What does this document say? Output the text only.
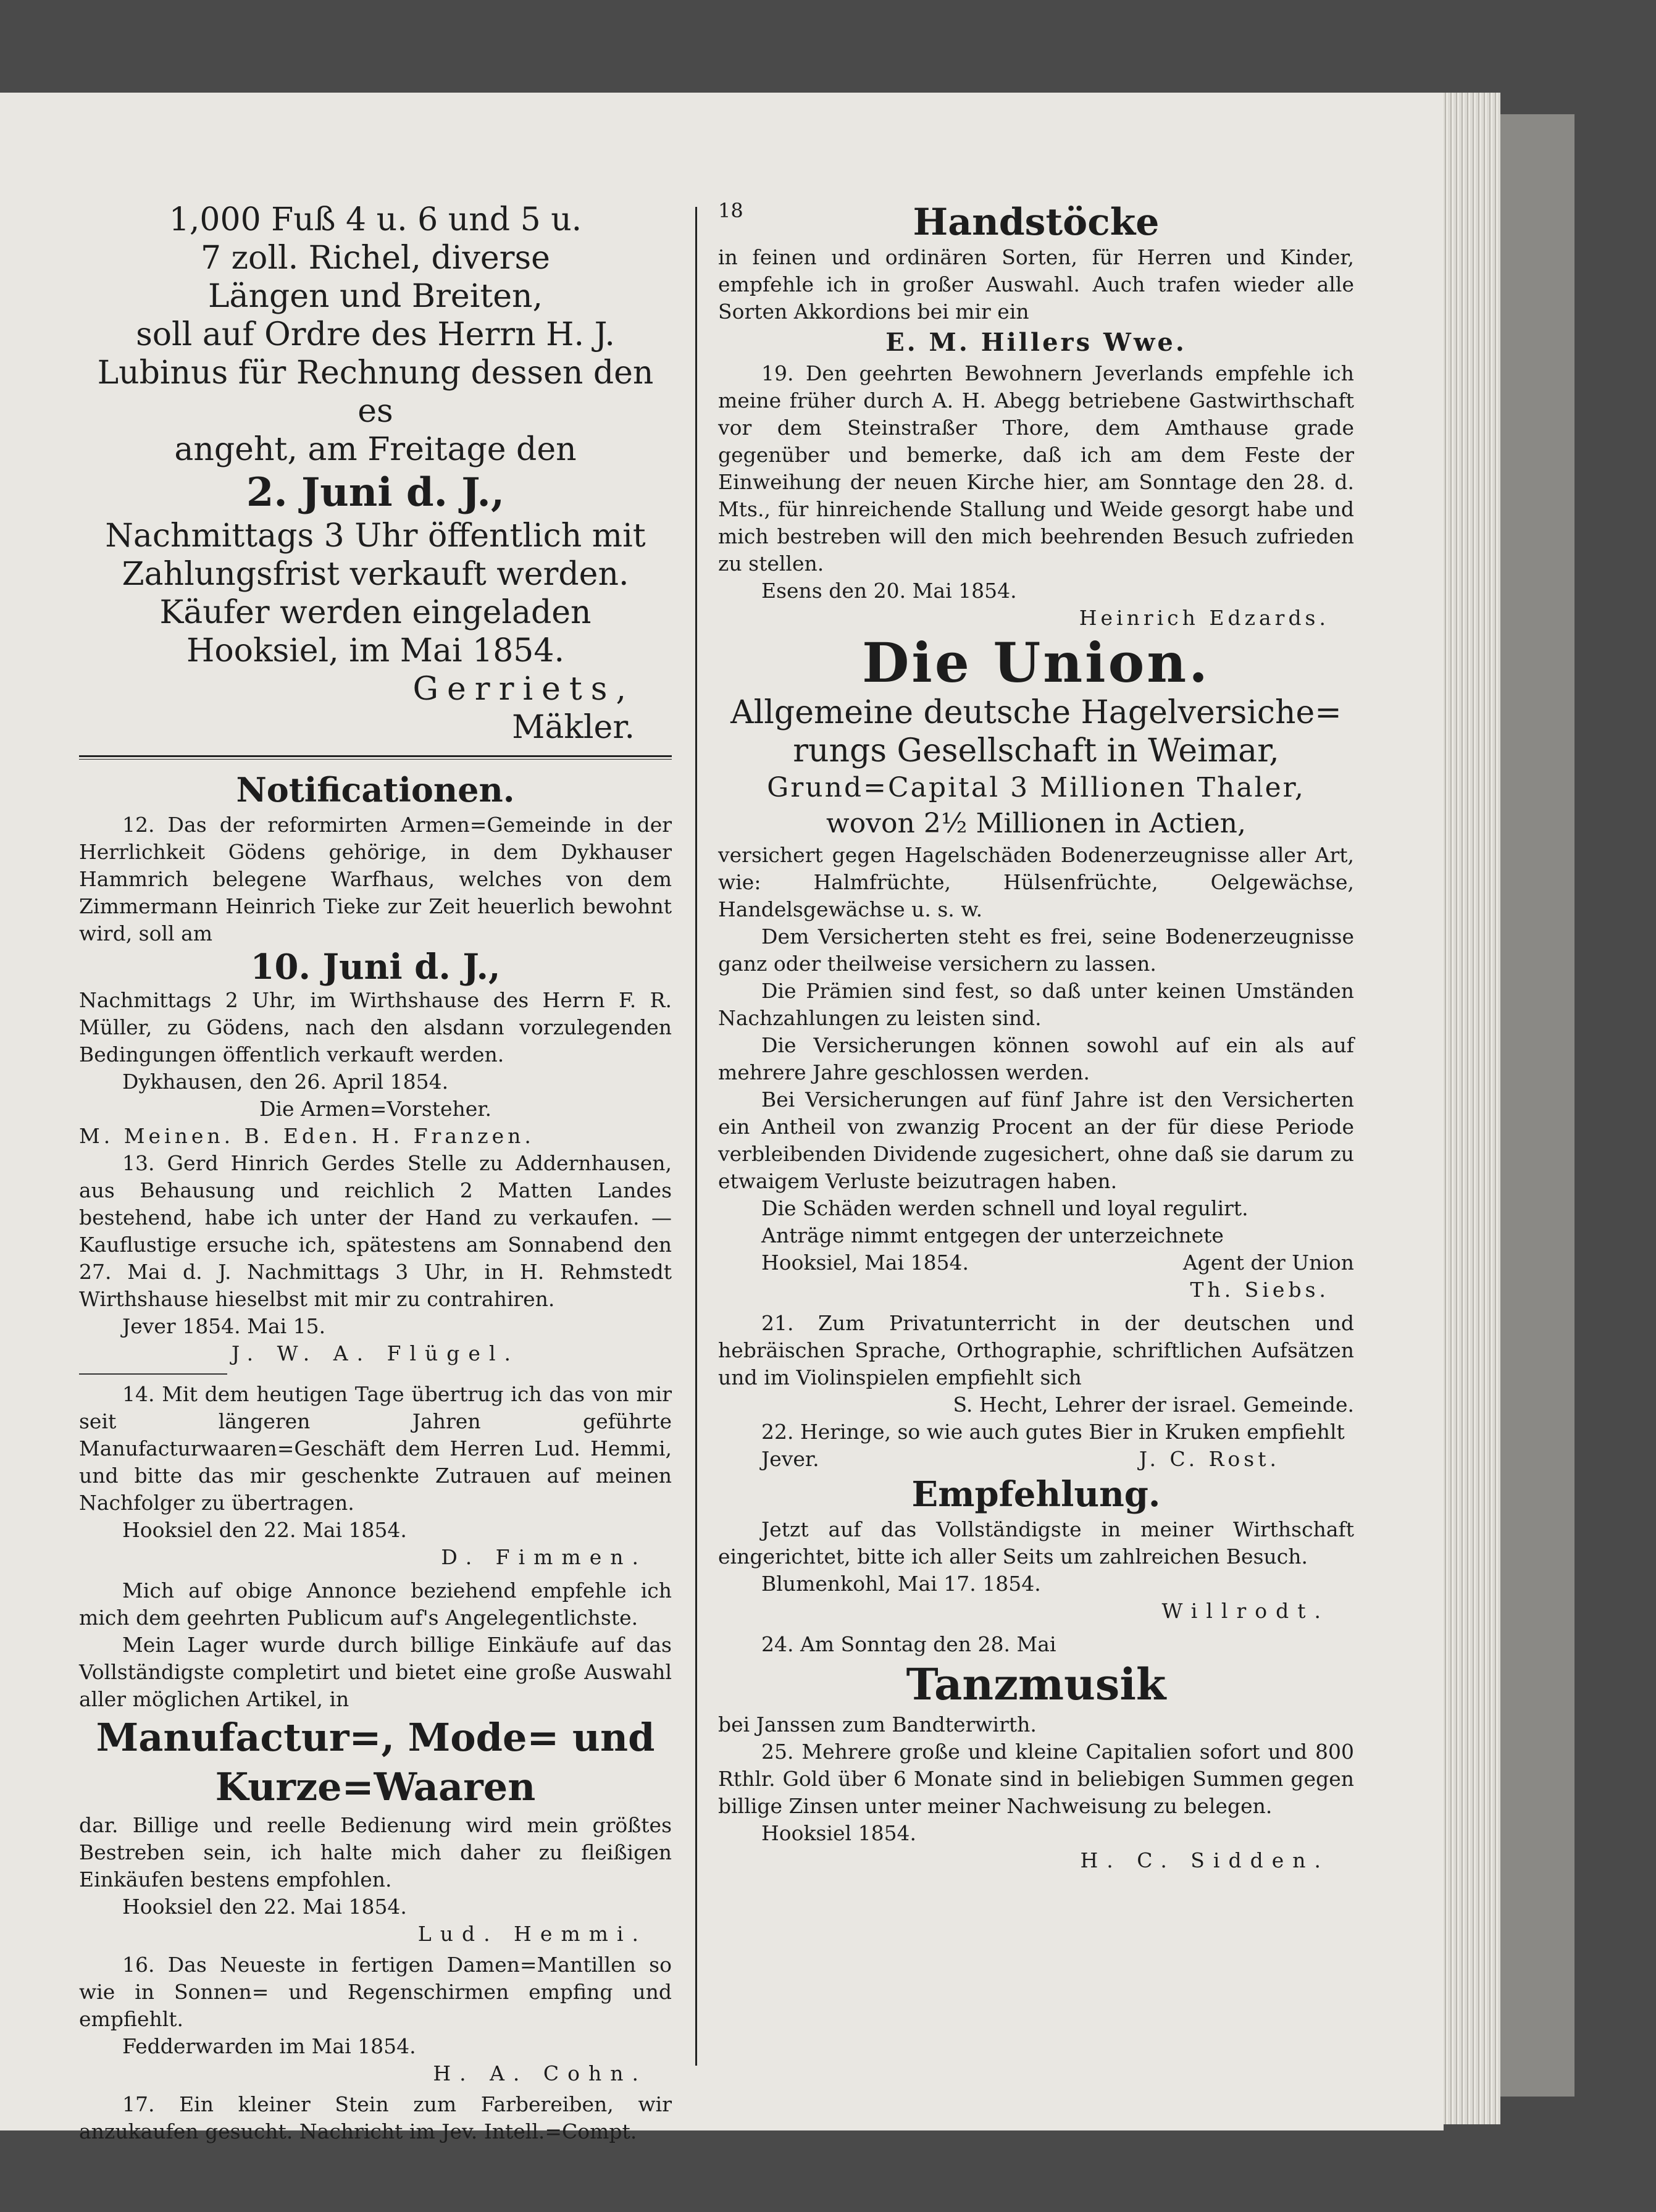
18

1,000 Fuß 4 u. 6 und 5 u.

7 zoll. Richel, diverse

Längen und Breiten,

soll auf Ordre des Herrn H. J.

Lubinus für Rechnung dessen den es

angeht, am Freitage den

2. Juni d. J.,

Nachmittags 3 Uhr öffentlich mit

Zahlungsfrist verkauft werden.

Käufer werden eingeladen

Hooksiel, im Mai 1854.

Gerriets,

Mäkler.

Notificationen.

12. Das der reformirten Armen=Gemeinde in der Herrlichkeit Gödens gehörige, in dem Dykhauser Hammrich belegene Warfhaus, welches von dem Zimmermann Heinrich Tieke zur Zeit heuerlich bewohnt wird, soll am

10. Juni d. J.,

Nachmittags 2 Uhr, im Wirthshause des Herrn F. R. Müller, zu Gödens, nach den alsdann vorzulegenden Bedingungen öffentlich verkauft werden.

Dykhausen, den 26. April 1854.

Die Armen=Vorsteher.

M. Meinen. B. Eden. H. Franzen.

13. Gerd Hinrich Gerdes Stelle zu Addernhausen, aus Behausung und reichlich 2 Matten Landes bestehend, habe ich unter der Hand zu verkaufen. — Kauflustige ersuche ich, spätestens am Sonnabend den 27. Mai d. J. Nachmittags 3 Uhr, in H. Rehmstedt Wirthshause hieselbst mit mir zu contrahiren.

Jever 1854. Mai 15.

J. W. A. Flügel.

14. Mit dem heutigen Tage übertrug ich das von mir seit längeren Jahren geführte Manufacturwaaren=Geschäft dem Herren Lud. Hemmi, und bitte das mir geschenkte Zutrauen auf meinen Nachfolger zu übertragen.

Hooksiel den 22. Mai 1854.

D. Fimmen.

Mich auf obige Annonce beziehend empfehle ich mich dem geehrten Publicum auf's Angelegentlichste.

Mein Lager wurde durch billige Einkäufe auf das Vollständigste completirt und bietet eine große Auswahl aller möglichen Artikel, in

Manufactur=, Mode= und

Kurze=Waaren

dar. Billige und reelle Bedienung wird mein größtes Bestreben sein, ich halte mich daher zu fleißigen Einkäufen bestens empfohlen.

Hooksiel den 22. Mai 1854.

Lud. Hemmi.

16. Das Neueste in fertigen Damen=Mantillen so wie in Sonnen= und Regenschirmen empfing und empfiehlt.

Fedderwarden im Mai 1854.

H. A. Cohn.

17. Ein kleiner Stein zum Farbereiben, wir anzukaufen gesucht. Nachricht im Jev. Intell.=Compt.

Handstöcke

in feinen und ordinären Sorten, für Herren und Kinder, empfehle ich in großer Auswahl. Auch trafen wieder alle Sorten Akkordions bei mir ein

E. M. Hillers Wwe.

19. Den geehrten Bewohnern Jeverlands empfehle ich meine früher durch A. H. Abegg betriebene Gastwirthschaft vor dem Steinstraßer Thore, dem Amthause grade gegenüber und bemerke, daß ich am dem Feste der Einweihung der neuen Kirche hier, am Sonntage den 28. d. Mts., für hinreichende Stallung und Weide gesorgt habe und mich bestreben will den mich beehrenden Besuch zufrieden zu stellen.

Esens den 20. Mai 1854.

Heinrich Edzards.

Die Union.

Allgemeine deutsche Hagelversiche=

rungs Gesellschaft in Weimar,

Grund=Capital 3 Millionen Thaler,

wovon 2½ Millionen in Actien,

versichert gegen Hagelschäden Bodenerzeugnisse aller Art, wie: Halmfrüchte, Hülsenfrüchte, Oelgewächse, Handelsgewächse u. s. w.

Dem Versicherten steht es frei, seine Bodenerzeugnisse ganz oder theilweise versichern zu lassen.

Die Prämien sind fest, so daß unter keinen Umständen Nachzahlungen zu leisten sind.

Die Versicherungen können sowohl auf ein als auf mehrere Jahre geschlossen werden.

Bei Versicherungen auf fünf Jahre ist den Versicherten ein Antheil von zwanzig Procent an der für diese Periode verbleibenden Dividende zugesichert, ohne daß sie darum zu etwaigem Verluste beizutragen haben.

Die Schäden werden schnell und loyal regulirt.

Anträge nimmt entgegen der unterzeichnete

Hooksiel, Mai 1854.	Agent der Union

Th. Siebs.

21. Zum Privatunterricht in der deutschen und hebräischen Sprache, Orthographie, schriftlichen Aufsätzen und im Violinspielen empfiehlt sich

S. Hecht, Lehrer der israel. Gemeinde.

22. Heringe, so wie auch gutes Bier in Kruken empfiehlt

Jever.	J. C. Rost.

Empfehlung.

Jetzt auf das Vollständigste in meiner Wirthschaft eingerichtet, bitte ich aller Seits um zahlreichen Besuch.

Blumenkohl, Mai 17. 1854.

Willrodt.

24. Am Sonntag den 28. Mai

Tanzmusik

bei Janssen zum Bandterwirth.

25. Mehrere große und kleine Capitalien sofort und 800 Rthlr. Gold über 6 Monate sind in beliebigen Summen gegen billige Zinsen unter meiner Nachweisung zu belegen.

Hooksiel 1854.

H. C. Sidden.
